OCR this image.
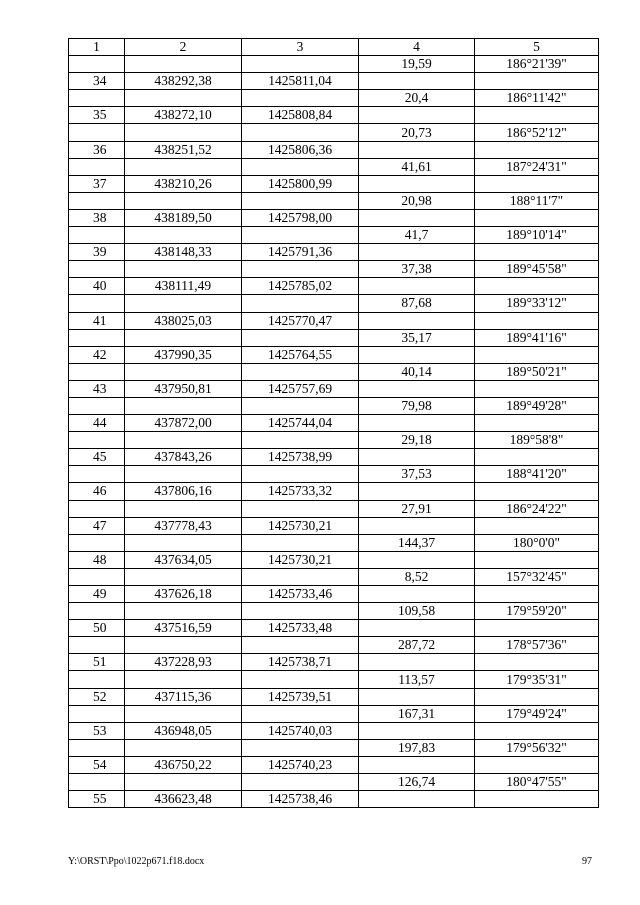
1	2	3	4	5
			19,59	186°21'39"
34	438292,38	1425811,04		
			20,4	186°11'42"
35	438272,10	1425808,84		
			20,73	186°52'12"
36	438251,52	1425806,36		
			41,61	187°24'31"
37	438210,26	1425800,99		
			20,98	188°11'7"
38	438189,50	1425798,00		
			41,7	189°10'14"
39	438148,33	1425791,36		
			37,38	189°45'58"
40	438111,49	1425785,02		
			87,68	189°33'12"
41	438025,03	1425770,47		
			35,17	189°41'16"
42	437990,35	1425764,55		
			40,14	189°50'21"
43	437950,81	1425757,69		
			79,98	189°49'28"
44	437872,00	1425744,04		
			29,18	189°58'8"
45	437843,26	1425738,99		
			37,53	188°41'20"
46	437806,16	1425733,32		
			27,91	186°24'22"
47	437778,43	1425730,21		
			144,37	180°0'0"
48	437634,05	1425730,21		
			8,52	157°32'45"
49	437626,18	1425733,46		
			109,58	179°59'20"
50	437516,59	1425733,48		
			287,72	178°57'36"
51	437228,93	1425738,71		
			113,57	179°35'31"
52	437115,36	1425739,51		
			167,31	179°49'24"
53	436948,05	1425740,03		
			197,83	179°56'32"
54	436750,22	1425740,23		
			126,74	180°47'55"
55	436623,48	1425738,46		
Y:\ORST\Ppo\1022p671.f18.docx	97
